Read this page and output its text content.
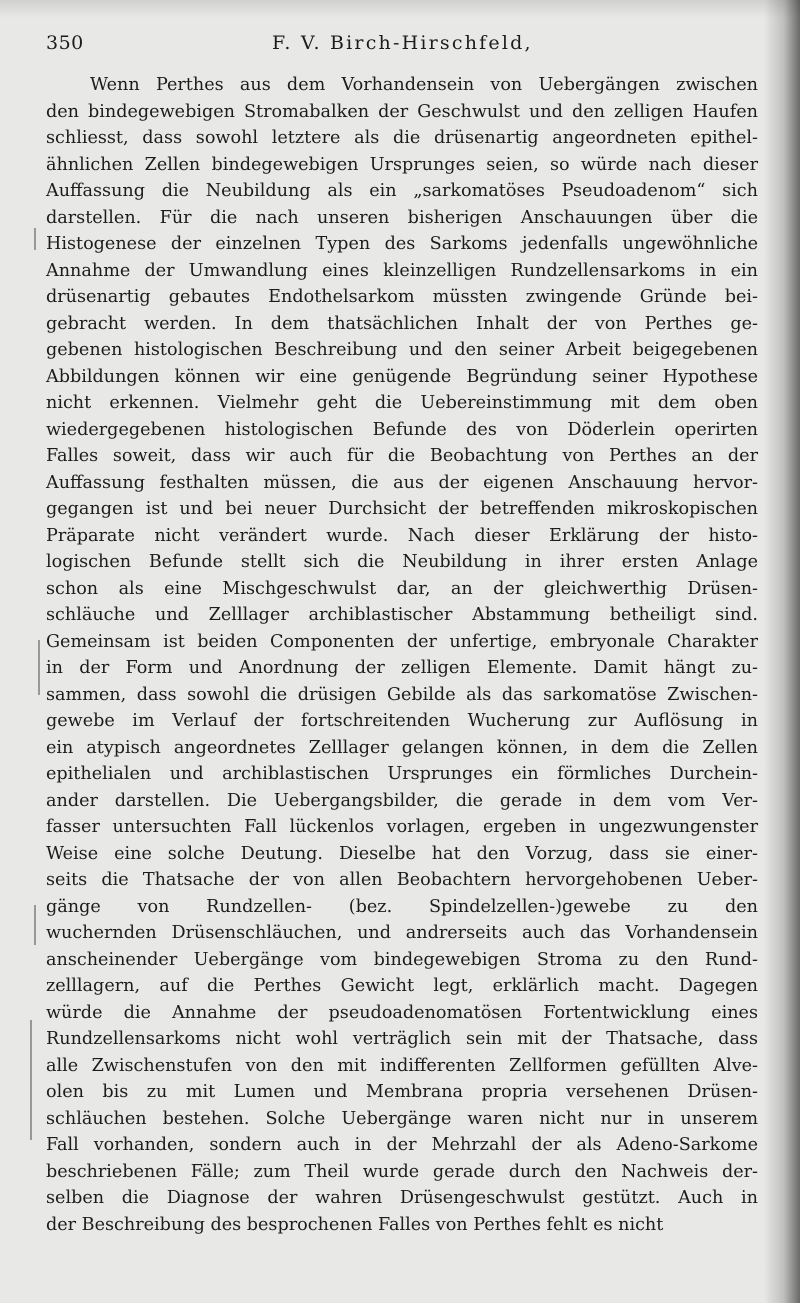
350	F. V. Birch-Hirschfeld,
Wenn Perthes aus dem Vorhandensein von Uebergängen zwischen
den bindegewebigen Stromabalken der Geschwulst und den zelligen Haufen
schliesst, dass sowohl letztere als die drüsenartig angeordneten epithel-
ähnlichen Zellen bindegewebigen Ursprunges seien, so würde nach dieser
Auffassung die Neubildung als ein „sarkomatöses Pseudoadenom“ sich
darstellen. Für die nach unseren bisherigen Anschauungen über die
Histogenese der einzelnen Typen des Sarkoms jedenfalls ungewöhnliche
Annahme der Umwandlung eines kleinzelligen Rundzellensarkoms in ein
drüsenartig gebautes Endothelsarkom müssten zwingende Gründe bei-
gebracht werden. In dem thatsächlichen Inhalt der von Perthes ge-
gebenen histologischen Beschreibung und den seiner Arbeit beigegebenen
Abbildungen können wir eine genügende Begründung seiner Hypothese
nicht erkennen. Vielmehr geht die Uebereinstimmung mit dem oben
wiedergegebenen histologischen Befunde des von Döderlein operirten
Falles soweit, dass wir auch für die Beobachtung von Perthes an der
Auffassung festhalten müssen, die aus der eigenen Anschauung hervor-
gegangen ist und bei neuer Durchsicht der betreffenden mikroskopischen
Präparate nicht verändert wurde. Nach dieser Erklärung der histo-
logischen Befunde stellt sich die Neubildung in ihrer ersten Anlage
schon als eine Mischgeschwulst dar, an der gleichwerthig Drüsen-
schläuche und Zelllager archiblastischer Abstammung betheiligt sind.
Gemeinsam ist beiden Componenten der unfertige, embryonale Charakter
in der Form und Anordnung der zelligen Elemente. Damit hängt zu-
sammen, dass sowohl die drüsigen Gebilde als das sarkomatöse Zwischen-
gewebe im Verlauf der fortschreitenden Wucherung zur Auflösung in
ein atypisch angeordnetes Zelllager gelangen können, in dem die Zellen
epithelialen und archiblastischen Ursprunges ein förmliches Durchein-
ander darstellen. Die Uebergangsbilder, die gerade in dem vom Ver-
fasser untersuchten Fall lückenlos vorlagen, ergeben in ungezwungenster
Weise eine solche Deutung. Dieselbe hat den Vorzug, dass sie einer-
seits die Thatsache der von allen Beobachtern hervorgehobenen Ueber-
gänge von Rundzellen- (bez. Spindelzellen-)gewebe zu den
wuchernden Drüsenschläuchen, und andrerseits auch das Vorhandensein
anscheinender Uebergänge vom bindegewebigen Stroma zu den Rund-
zelllagern, auf die Perthes Gewicht legt, erklärlich macht. Dagegen
würde die Annahme der pseudoadenomatösen Fortentwicklung eines
Rundzellensarkoms nicht wohl verträglich sein mit der Thatsache, dass
alle Zwischenstufen von den mit indifferenten Zellformen gefüllten Alve-
olen bis zu mit Lumen und Membrana propria versehenen Drüsen-
schläuchen bestehen. Solche Uebergänge waren nicht nur in unserem
Fall vorhanden, sondern auch in der Mehrzahl der als Adeno-Sarkome
beschriebenen Fälle; zum Theil wurde gerade durch den Nachweis der-
selben die Diagnose der wahren Drüsengeschwulst gestützt. Auch in
der Beschreibung des besprochenen Falles von Perthes fehlt es nicht
